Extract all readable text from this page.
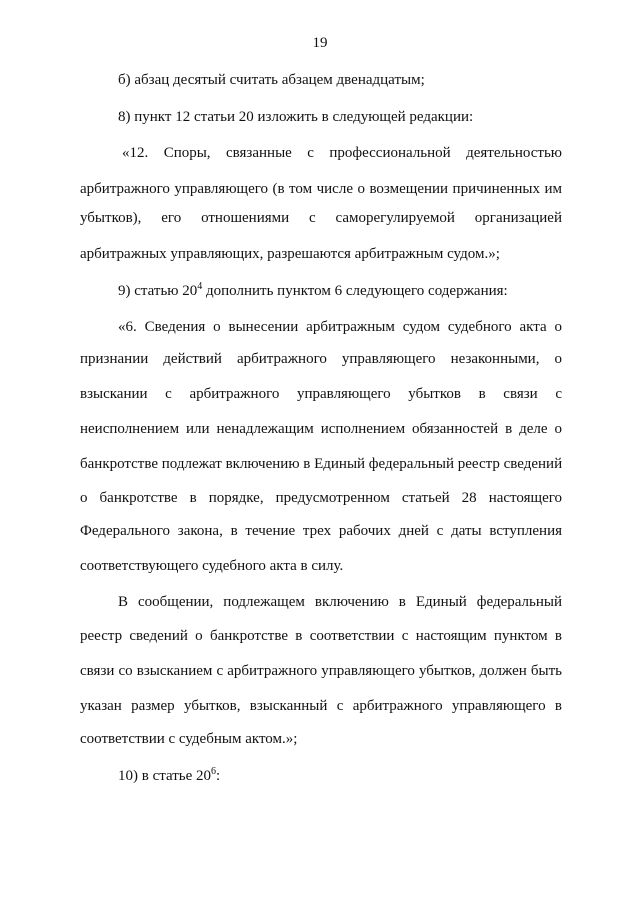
19
б) абзац десятый считать абзацем двенадцатым;
8) пункт 12 статьи 20 изложить в следующей редакции:
«12. Споры, связанные с профессиональной деятельностью
арбитражного управляющего (в том числе о возмещении причиненных им
убытков), его отношениями с саморегулируемой организацией
арбитражных управляющих, разрешаются арбитражным судом.»;
9) статью $20^4$ дополнить пунктом 6 следующего содержания:
«6. Сведения о вынесении арбитражным судом судебного акта о
признании действий арбитражного управляющего незаконными, о
взыскании с арбитражного управляющего убытков в связи с
неисполнением или ненадлежащим исполнением обязанностей в деле о
банкротстве подлежат включению в Единый федеральный реестр сведений
о банкротстве в порядке, предусмотренном статьей 28 настоящего
Федерального закона, в течение трех рабочих дней с даты вступления
соответствующего судебного акта в силу.
В сообщении, подлежащем включению в Единый федеральный
реестр сведений о банкротстве в соответствии с настоящим пунктом в
связи со взысканием с арбитражного управляющего убытков, должен быть
указан размер убытков, взысканный с арбитражного управляющего в
соответствии с судебным актом.»;
10) в статье $20^6$:
